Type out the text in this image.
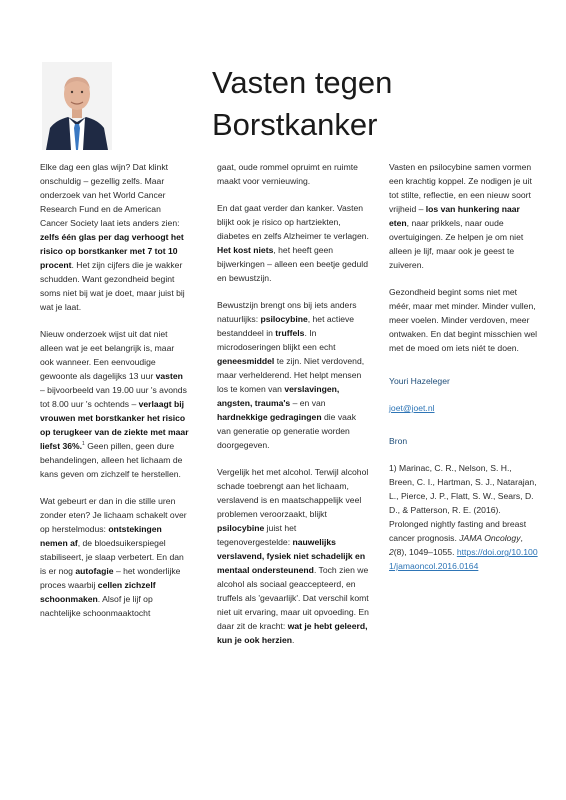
Vasten tegen
Borstkanker

Elke dag een glas wijn? Dat klinkt onschuldig – gezellig zelfs. Maar onderzoek van het World Cancer Research Fund en de American Cancer Society laat iets anders zien: zelfs één glas per dag verhoogt het risico op borstkanker met 7 tot 10 procent. Het zijn cijfers die je wakker schudden. Want gezondheid begint soms niet bij wat je doet, maar juist bij wat je laat.

Nieuw onderzoek wijst uit dat niet alleen wat je eet belangrijk is, maar ook wanneer. Een eenvoudige gewoonte als dagelijks 13 uur vasten – bijvoorbeeld van 19.00 uur 's avonds tot 8.00 uur 's ochtends – verlaagt bij vrouwen met borstkanker het risico op terugkeer van de ziekte met maar liefst 36%.$^1$ Geen pillen, geen dure behandelingen, alleen het lichaam de kans geven om zichzelf te herstellen.

Wat gebeurt er dan in die stille uren zonder eten? Je lichaam schakelt over op herstelmodus: ontstekingen nemen af, de bloedsuikerspiegel stabiliseert, je slaap verbetert. En dan is er nog autofagie – het wonderlijke proces waarbij cellen zichzelf schoonmaken. Alsof je lijf op nachtelijke schoonmaaktocht

gaat, oude rommel opruimt en ruimte maakt voor vernieuwing.

En dat gaat verder dan kanker. Vasten blijkt ook je risico op hartziekten, diabetes en zelfs Alzheimer te verlagen. Het kost niets, het heeft geen bijwerkingen – alleen een beetje geduld en bewustzijn.

Bewustzijn brengt ons bij iets anders natuurlijks: psilocybine, het actieve bestanddeel in truffels. In microdoseringen blijkt een echt geneesmiddel te zijn. Niet verdovend, maar verhelderend. Het helpt mensen los te komen van verslavingen, angsten, trauma's – en van hardnekkige gedragingen die vaak van generatie op generatie worden doorgegeven.

Vergelijk het met alcohol. Terwijl alcohol schade toebrengt aan het lichaam, verslavend is en maatschappelijk veel problemen veroorzaakt, blijkt psilocybine juist het tegenovergestelde: nauwelijks verslavend, fysiek niet schadelijk en mentaal ondersteunend. Toch zien we alcohol als sociaal geaccepteerd, en truffels als 'gevaarlijk'. Dat verschil komt niet uit ervaring, maar uit opvoeding. En daar zit de kracht: wat je hebt geleerd, kun je ook herzien.

Vasten en psilocybine samen vormen een krachtig koppel. Ze nodigen je uit tot stilte, reflectie, en een nieuw soort vrijheid – los van hunkering naar eten, naar prikkels, naar oude overtuigingen. Ze helpen je om niet alleen je lijf, maar ook je geest te zuiveren.

Gezondheid begint soms niet met méér, maar met minder. Minder vullen, meer voelen. Minder verdoven, meer ontwaken. En dat begint misschien wel met de moed om iets niét te doen.

Youri Hazeleger

joet@joet.nl

Bron

1) Marinac, C. R., Nelson, S. H., Breen, C. I., Hartman, S. J., Natarajan, L., Pierce, J. P., Flatt, S. W., Sears, D. D., & Patterson, R. E. (2016). Prolonged nightly fasting and breast cancer prognosis. JAMA Oncology, 2(8), 1049–1055. https://doi.org/10.1001/jamaoncol.2016.0164
